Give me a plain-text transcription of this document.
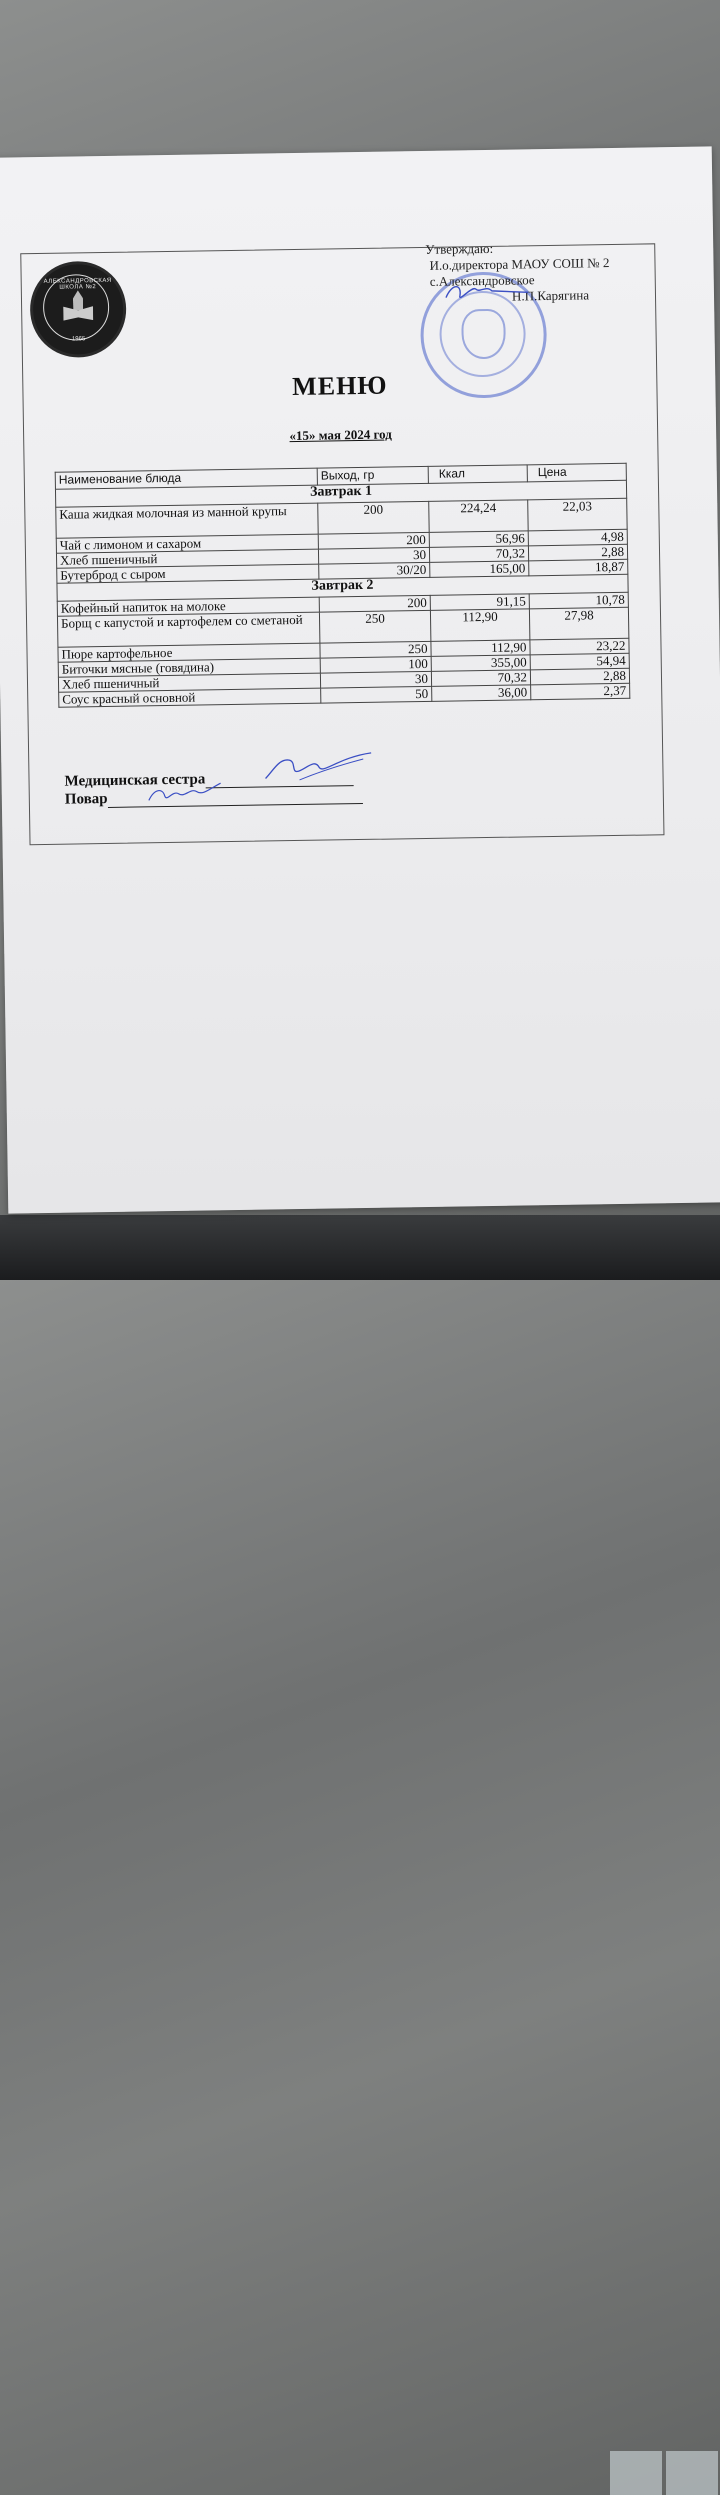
АЛЕКСАНДРОВСКАЯ ШКОЛА №2
1965
Утверждаю:
И.о.директора МАОУ СОШ № 2
с.Александровское
Н.П.Карягина
МЕНЮ
«15» мая 2024 год
Наименование блюда	Выход, гр	Ккал	Цена
Завтрак 1			
Каша жидкая молочная из манной крупы	200	224,24	22,03
Чай с лимоном и сахаром	200	56,96	4,98
Хлеб пшеничный	30	70,32	2,88
Бутерброд с сыром	30/20	165,00	18,87
Завтрак 2			
Кофейный напиток на молоке	200	91,15	10,78
Борщ с капустой и картофелем со сметаной	250	112,90	27,98
Пюре картофельное	250	112,90	23,22
Биточки мясные (говядина)	100	355,00	54,94
Хлеб пшеничный	30	70,32	2,88
Соус красный основной	50	36,00	2,37
Медицинская сестра
Повар
